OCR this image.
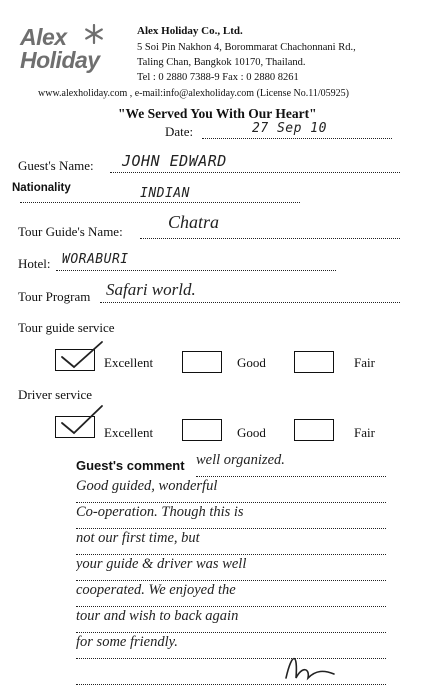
Alex
Holiday
Alex Holiday Co., Ltd.
5 Soi Pin Nakhon 4, Borommarat Chachonnani Rd.,
Taling Chan, Bangkok 10170, Thailand.
Tel : 0 2880 7388-9 Fax : 0 2880 8261
www.alexholiday.com , e-mail:info@alexholiday.com (License No.11/05925)
"We Served You With Our Heart"
Date:	27 Sep 10
Guest's Name: JOHN EDWARD
Nationality	INDIAN
Tour Guide's Name:	Chatra
Hotel: WORABURI
Tour Program Safari world.
Tour guide service
Excellent	Good	Fair
Driver service
Excellent	Good	Fair
Guest's comment well organized.
Good guided, wonderful
Co-operation. Though this is
not our first time, but
your guide & driver was well
cooperated. We enjoyed the
tour and wish to back again
for some friendly.
